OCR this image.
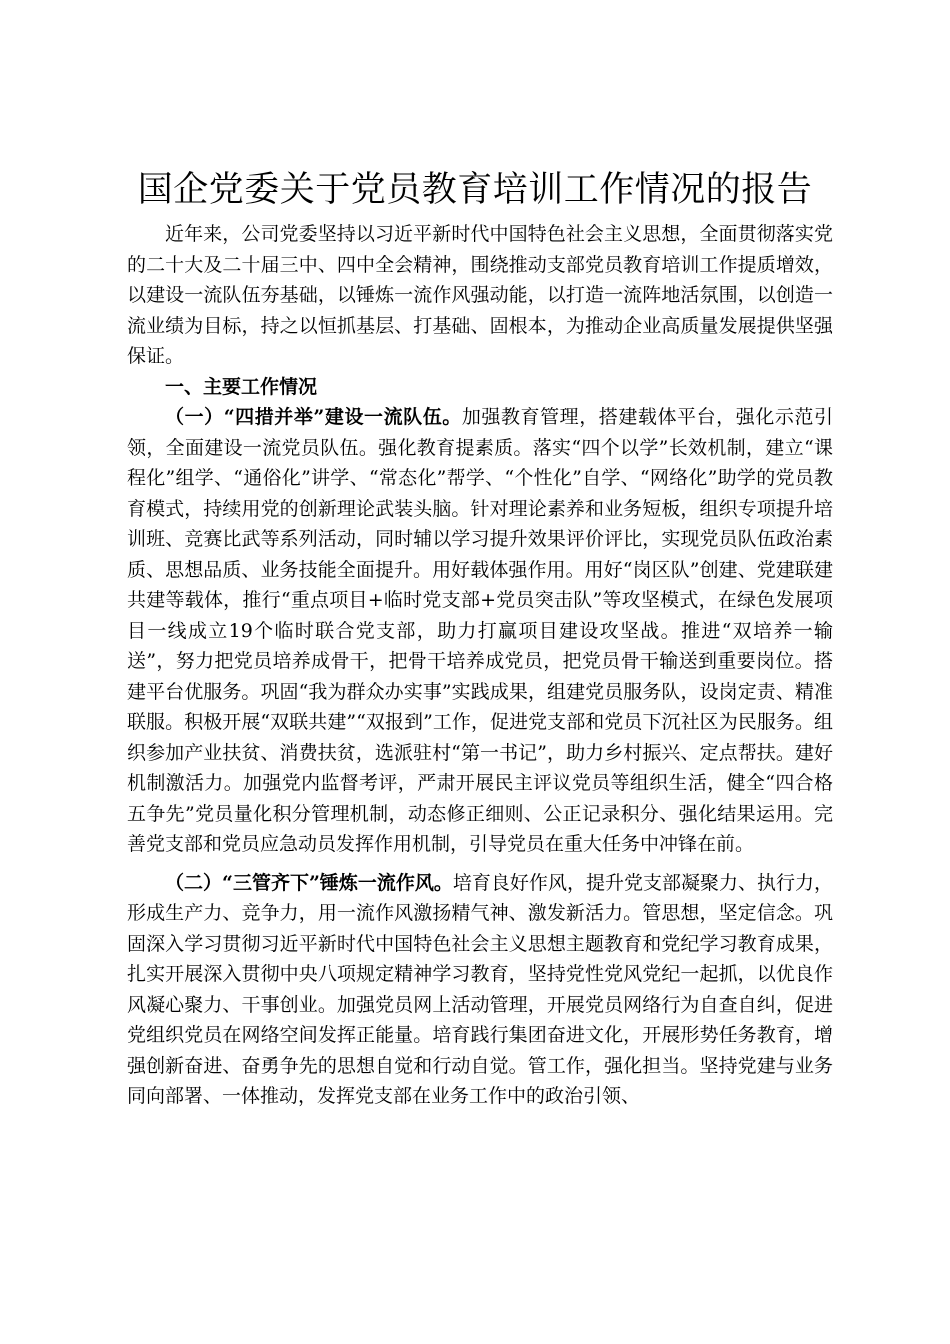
国企党委关于党员教育培训工作情况的报告

近年来，公司党委坚持以习近平新时代中国特色社会主义思想，全面贯彻落实党的二十大及二十届三中、四中全会精神，围绕推动支部党员教育培训工作提质增效，以建设一流队伍夯基础，以锤炼一流作风强动能，以打造一流阵地活氛围，以创造一流业绩为目标，持之以恒抓基层、打基础、固根本，为推动企业高质量发展提供坚强保证。

一、主要工作情况

（一）“四措并举”建设一流队伍。加强教育管理，搭建载体平台，强化示范引领，全面建设一流党员队伍。强化教育提素质。落实“四个以学”长效机制，建立“课程化”组学、“通俗化”讲学、“常态化”帮学、“个性化”自学、“网络化”助学的党员教育模式，持续用党的创新理论武装头脑。针对理论素养和业务短板，组织专项提升培训班、竞赛比武等系列活动，同时辅以学习提升效果评价评比，实现党员队伍政治素质、思想品质、业务技能全面提升。用好载体强作用。用好“岗区队”创建、党建联建共建等载体，推行“重点项目+临时党支部+党员突击队”等攻坚模式，在绿色发展项目一线成立19个临时联合党支部，助力打赢项目建设攻坚战。推进“双培养一输送”，努力把党员培养成骨干，把骨干培养成党员，把党员骨干输送到重要岗位。搭建平台优服务。巩固“我为群众办实事”实践成果，组建党员服务队，设岗定责、精准联服。积极开展“双联共建”“双报到”工作，促进党支部和党员下沉社区为民服务。组织参加产业扶贫、消费扶贫，选派驻村“第一书记”，助力乡村振兴、定点帮扶。建好机制激活力。加强党内监督考评，严肃开展民主评议党员等组织生活，健全“四合格五争先”党员量化积分管理机制，动态修正细则、公正记录积分、强化结果运用。完善党支部和党员应急动员发挥作用机制，引导党员在重大任务中冲锋在前。

（二）“三管齐下”锤炼一流作风。培育良好作风，提升党支部凝聚力、执行力，形成生产力、竞争力，用一流作风激扬精气神、激发新活力。管思想，坚定信念。巩固深入学习贯彻习近平新时代中国特色社会主义思想主题教育和党纪学习教育成果，扎实开展深入贯彻中央八项规定精神学习教育，坚持党性党风党纪一起抓，以优良作风凝心聚力、干事创业。加强党员网上活动管理，开展党员网络行为自查自纠，促进党组织党员在网络空间发挥正能量。培育践行集团奋进文化，开展形势任务教育，增强创新奋进、奋勇争先的思想自觉和行动自觉。管工作，强化担当。坚持党建与业务同向部署、一体推动，发挥党支部在业务工作中的政治引领、
